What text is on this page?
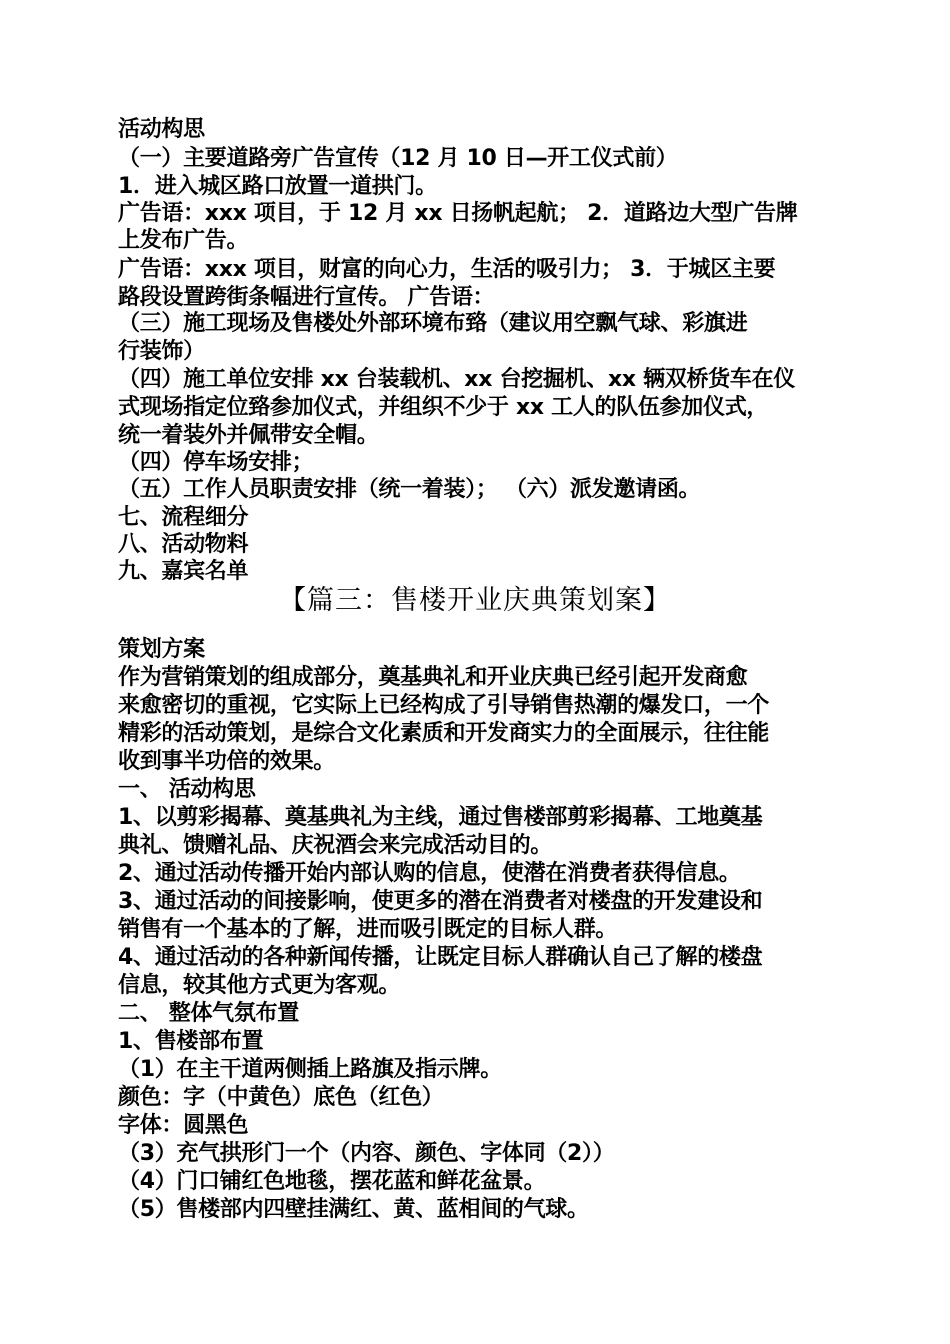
活动构思
（一）主要道路旁广告宣传（12 月 10 日—开工仪式前）
1．进入城区路口放置一道拱门。
广告语：xxx 项目，于 12 月 xx 日扬帆起航； 2．道路边大型广告牌
上发布广告。
广告语：xxx 项目，财富的向心力，生活的吸引力； 3．于城区主要
路段设置跨街条幅进行宣传。 广告语：
（三）施工现场及售楼处外部环境布臵（建议用空飘气球、彩旗进
行装饰）
（四）施工单位安排 xx 台装载机、xx 台挖掘机、xx 辆双桥货车在仪
式现场指定位臵参加仪式，并组织不少于 xx 工人的队伍参加仪式，
统一着装外并佩带安全帽。
（四）停车场安排；
（五）工作人员职责安排（统一着装）； （六）派发邀请函。
七、流程细分
八、活动物料
九、嘉宾名单
【篇三：售楼开业庆典策划案】
策划方案
作为营销策划的组成部分，奠基典礼和开业庆典已经引起开发商愈
来愈密切的重视，它实际上已经构成了引导销售热潮的爆发口，一个
精彩的活动策划，是综合文化素质和开发商实力的全面展示，往往能
收到事半功倍的效果。
一、 活动构思
1、以剪彩揭幕、奠基典礼为主线，通过售楼部剪彩揭幕、工地奠基
典礼、馈赠礼品、庆祝酒会来完成活动目的。
2、通过活动传播开始内部认购的信息，使潜在消费者获得信息。
3、通过活动的间接影响，使更多的潜在消费者对楼盘的开发建设和
销售有一个基本的了解，进而吸引既定的目标人群。
4、通过活动的各种新闻传播，让既定目标人群确认自己了解的楼盘
信息，较其他方式更为客观。
二、 整体气氛布置
1、售楼部布置
（1）在主干道两侧插上路旗及指示牌。
颜色：字（中黄色）底色（红色）
字体：圆黑色
（3）充气拱形门一个（内容、颜色、字体同（2））
（4）门口铺红色地毯，摆花蓝和鲜花盆景。
（5）售楼部内四壁挂满红、黄、蓝相间的气球。
